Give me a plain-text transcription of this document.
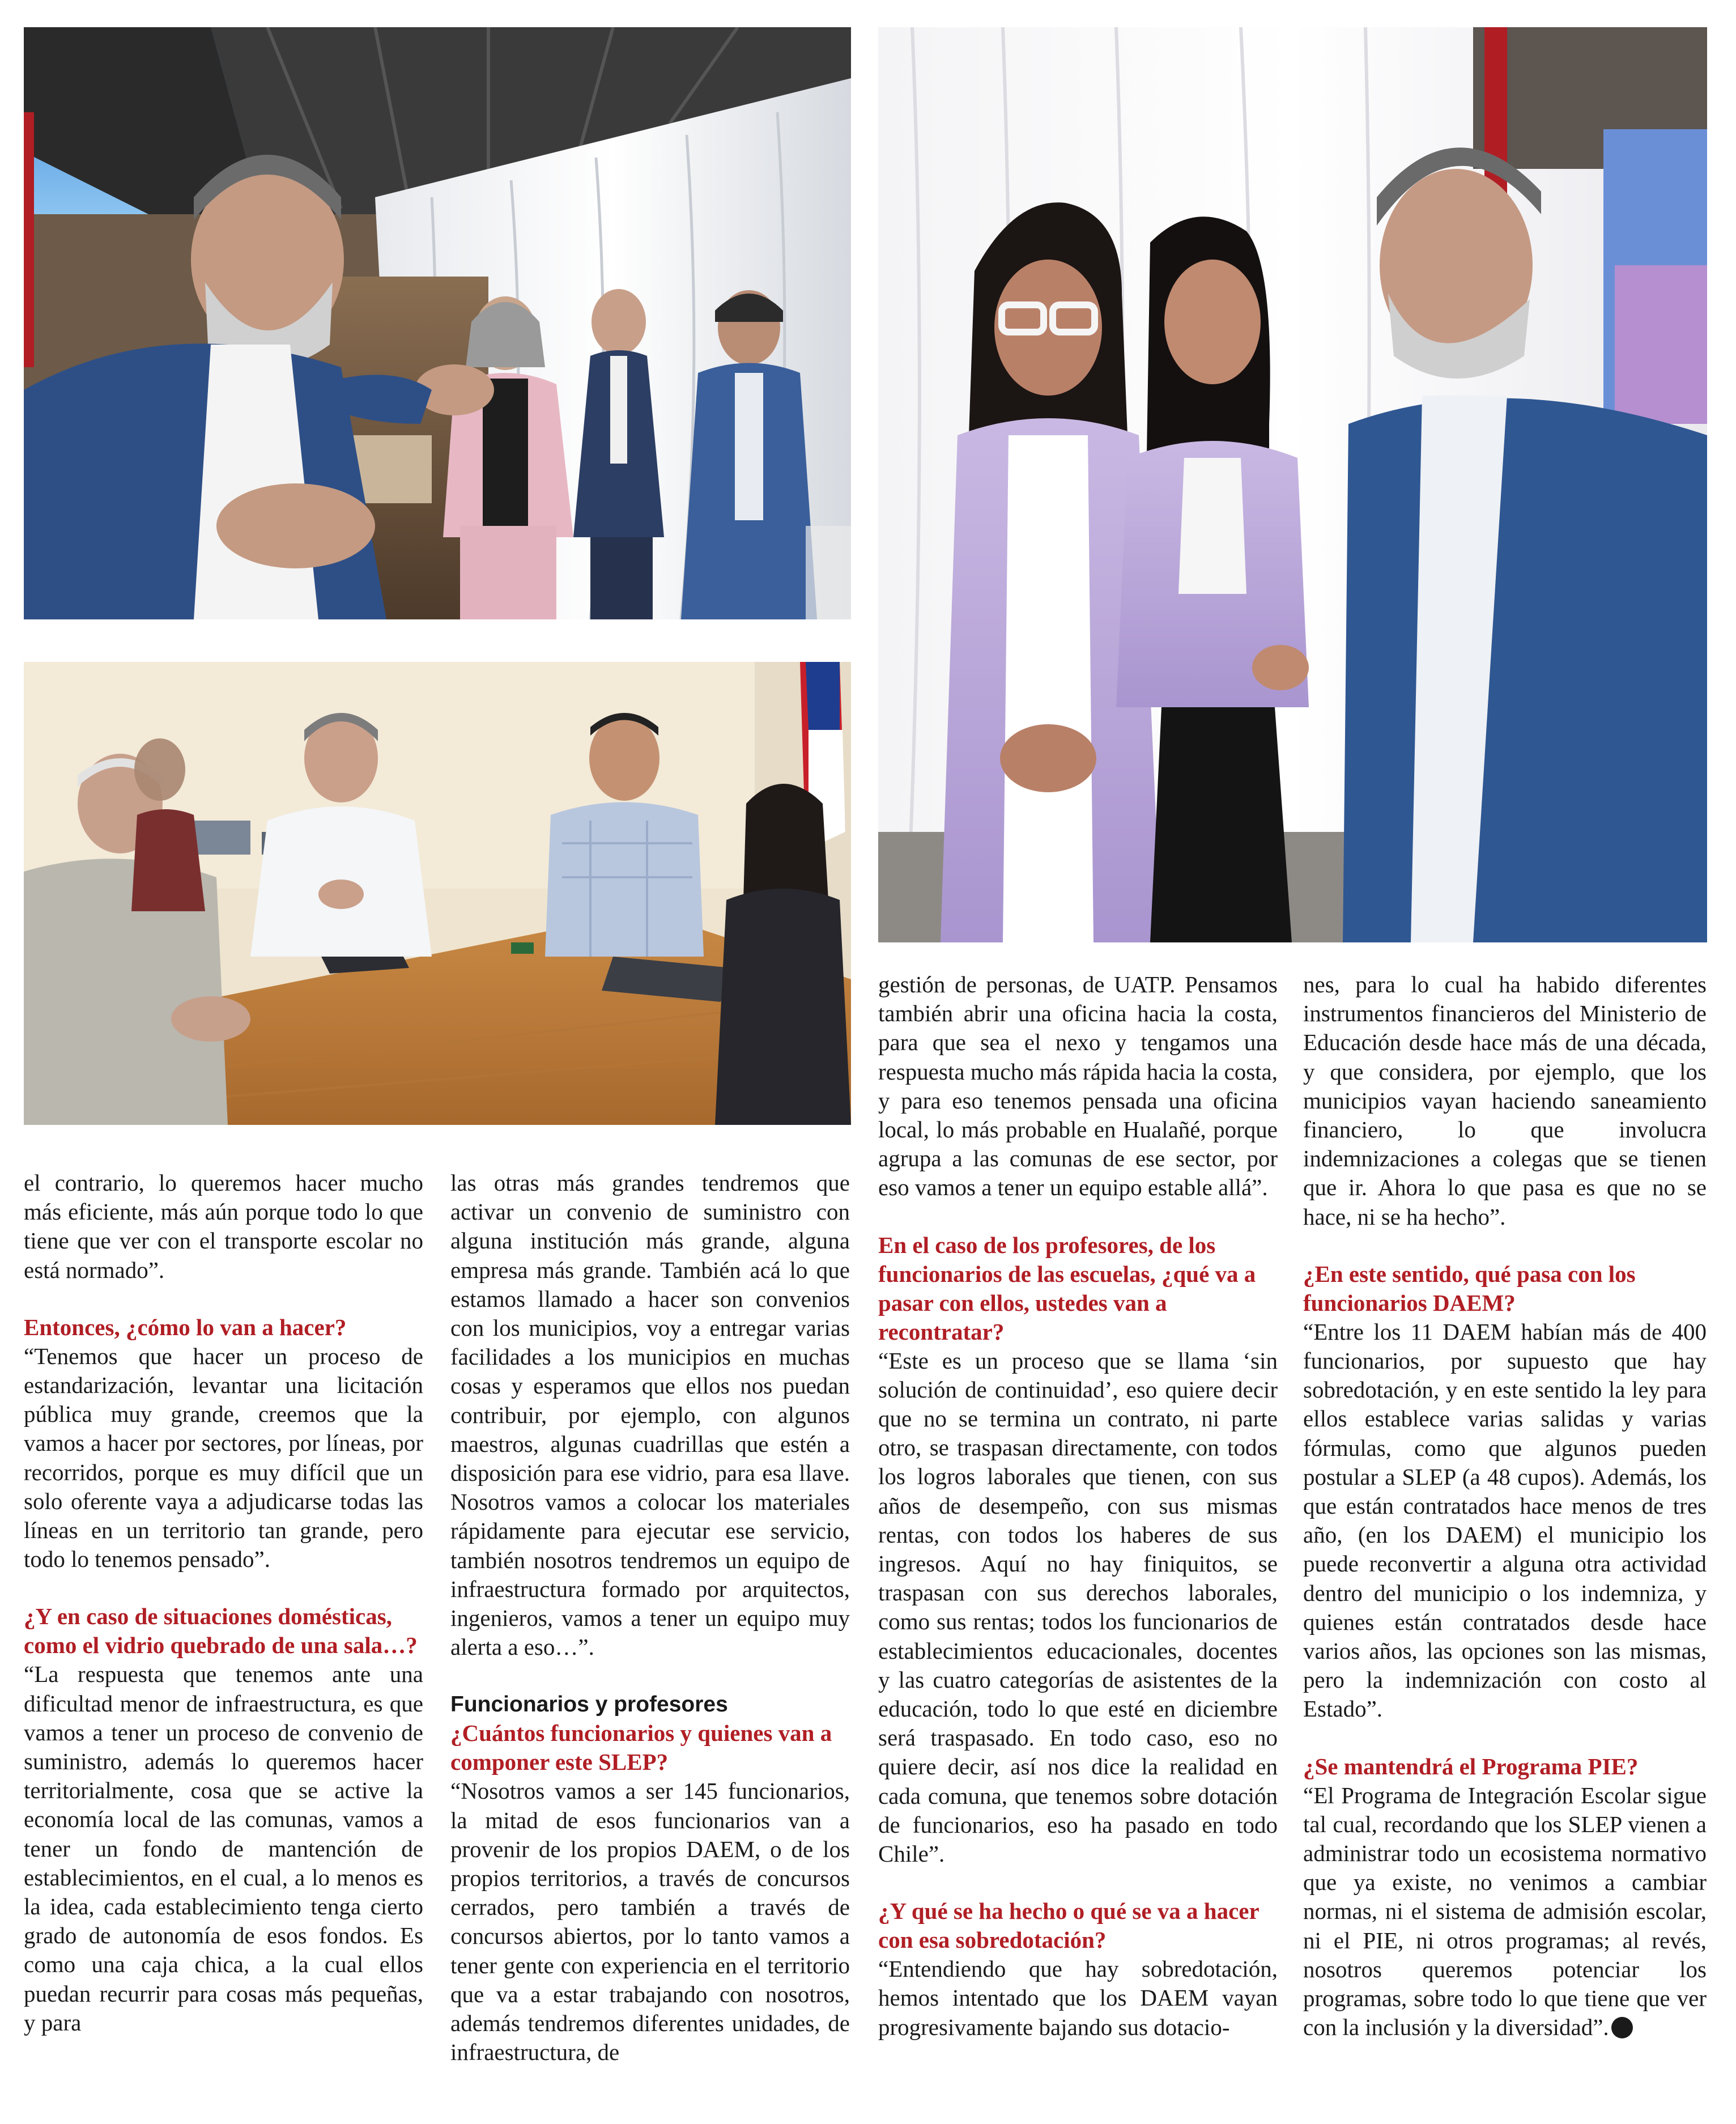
el contrario, lo queremos hacer mucho más eficiente, más aún porque todo lo que tiene que ver con el transporte escolar no está normado”.

Entonces, ¿cómo lo van a hacer?

“Tenemos que hacer un proceso de estandarización, levantar una licitación pública muy grande, creemos que la vamos a hacer por sectores, por líneas, por recorridos, porque es muy difícil que un solo oferente vaya a adjudicarse todas las líneas en un territorio tan grande, pero todo lo tenemos pensado”.

¿Y en caso de situaciones domésticas, como el vidrio quebrado de una sala…?

“La respuesta que tenemos ante una dificultad menor de infraestructura, es que vamos a tener un proceso de convenio de suministro, además lo queremos hacer territorialmente, cosa que se active la economía local de las comunas, vamos a tener un fondo de mantención de establecimientos, en el cual, a lo menos es la idea, cada establecimiento tenga cierto grado de autonomía de esos fondos. Es como una caja chica, a la cual ellos puedan recurrir para cosas más pequeñas, y para

las otras más grandes tendremos que activar un convenio de suministro con alguna institución más grande, alguna empresa más grande. También acá lo que estamos llamado a hacer son convenios con los municipios, voy a entregar varias facilidades a los municipios en muchas cosas y esperamos que ellos nos puedan contribuir, por ejemplo, con algunos maestros, algunas cuadrillas que estén a disposición para ese vidrio, para esa llave. Nosotros vamos a colocar los materiales rápidamente para ejecutar ese servicio, también nosotros tendremos un equipo de infraestructura formado por arquitectos, ingenieros, vamos a tener un equipo muy alerta a eso…”.

Funcionarios y profesores

¿Cuántos funcionarios y quienes van a componer este SLEP?

“Nosotros vamos a ser 145 funcionarios, la mitad de esos funcionarios van a provenir de los propios DAEM, o de los propios territorios, a través de concursos cerrados, pero también a través de concursos abiertos, por lo tanto vamos a tener gente con experiencia en el territorio que va a estar trabajando con nosotros, además tendremos diferentes unidades, de infraestructura, de

gestión de personas, de UATP. Pensamos también abrir una oficina hacia la costa, para que sea el nexo y tengamos una respuesta mucho más rápida hacia la costa, y para eso tenemos pensada una oficina local, lo más probable en Hualañé, porque agrupa a las comunas de ese sector, por eso vamos a tener un equipo estable allá”.

En el caso de los profesores, de los funcionarios de las escuelas, ¿qué va a pasar con ellos, ustedes van a recontratar?

“Este es un proceso que se llama ‘sin solución de continuidad’, eso quiere decir que no se termina un contrato, ni parte otro, se traspasan directamente, con todos los logros laborales que tienen, con sus años de desempeño, con sus mismas rentas, con todos los haberes de sus ingresos. Aquí no hay finiquitos, se traspasan con sus derechos laborales, como sus rentas; todos los funcionarios de establecimientos educacionales, docentes y las cuatro categorías de asistentes de la educación, todo lo que esté en diciembre será traspasado. En todo caso, eso no quiere decir, así nos dice la realidad en cada comuna, que tenemos sobre dotación de funcionarios, eso ha pasado en todo Chile”.

¿Y qué se ha hecho o qué se va a hacer con esa sobredotación?

“Entendiendo que hay sobredotación, hemos intentado que los DAEM vayan progresivamente bajando sus dotacio-

nes, para lo cual ha habido diferentes instrumentos financieros del Ministerio de Educación desde hace más de una década, y que considera, por ejemplo, que los municipios vayan haciendo saneamiento financiero, lo que involucra indemnizaciones a colegas que se tienen que ir. Ahora lo que pasa es que no se hace, ni se ha hecho”.

¿En este sentido, qué pasa con los funcionarios DAEM?

“Entre los 11 DAEM habían más de 400 funcionarios, por supuesto que hay sobredotación, y en este sentido la ley para ellos establece varias salidas y varias fórmulas, como que algunos pueden postular a SLEP (a 48 cupos). Además, los que están contratados hace menos de tres año, (en los DAEM) el municipio los puede reconvertir a alguna otra actividad dentro del municipio o los indemniza, y quienes están contratados desde hace varios años, las opciones son las mismas, pero la indemnización con costo al Estado”.

¿Se mantendrá el Programa PIE?

“El Programa de Integración Escolar sigue tal cual, recordando que los SLEP vienen a administrar todo un ecosistema normativo que ya existe, no venimos a cambiar normas, ni el sistema de admisión escolar, ni el PIE, ni otros programas; al revés, nosotros queremos potenciar los programas, sobre todo lo que tiene que ver con la inclusión y la diversidad”.
